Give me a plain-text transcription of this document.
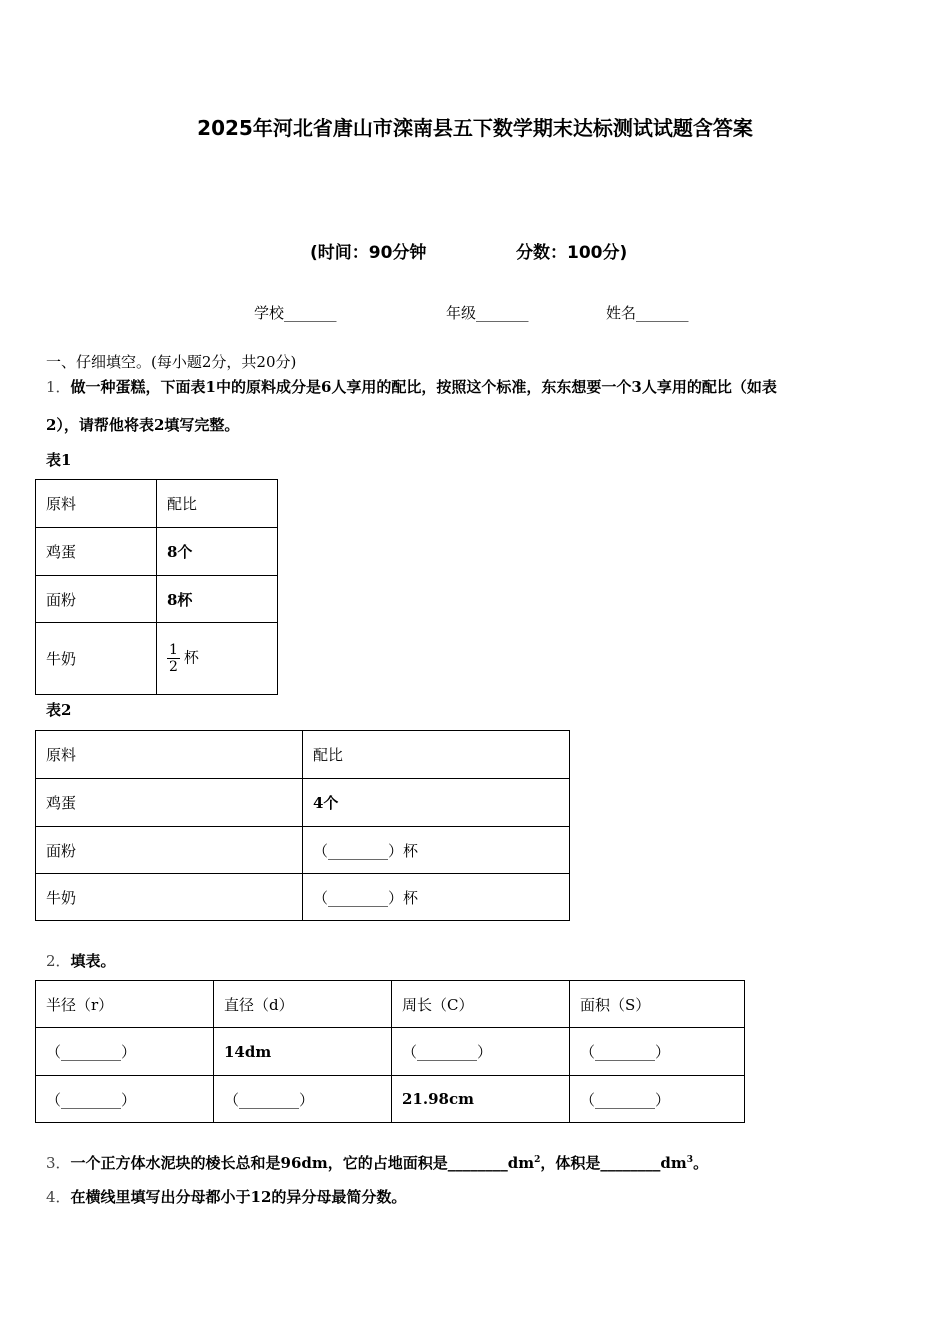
2025年河北省唐山市滦南县五下数学期末达标测试试题含答案
(时间：90分钟	分数：100分)
学校_______	年级_______	姓名_______
一、仔细填空。(每小题2分，共20分)
1．做一种蛋糕，下面表1中的原料成分是6人享用的配比，按照这个标准，东东想要一个3人享用的配比（如表
2），请帮他将表2填写完整。
表1
原料	配比
鸡蛋	8个
面粉	8杯
牛奶	$\frac{1}{2}$ 杯
表2
原料	配比
鸡蛋	4个
面粉	（________）杯
牛奶	（________）杯
2．填表。
半径（r）	直径（d）	周长（C）	面积（S）
（________）	14dm	（________）	（________）
（________）	（________）	21.98cm	（________）
3．一个正方体水泥块的棱长总和是96dm，它的占地面积是$\_\_\_\_\_\_\_\_dm^2$，体积是$\_\_\_\_\_\_\_\_dm^3$。
4．在横线里填写出分母都小于12的异分母最简分数。
